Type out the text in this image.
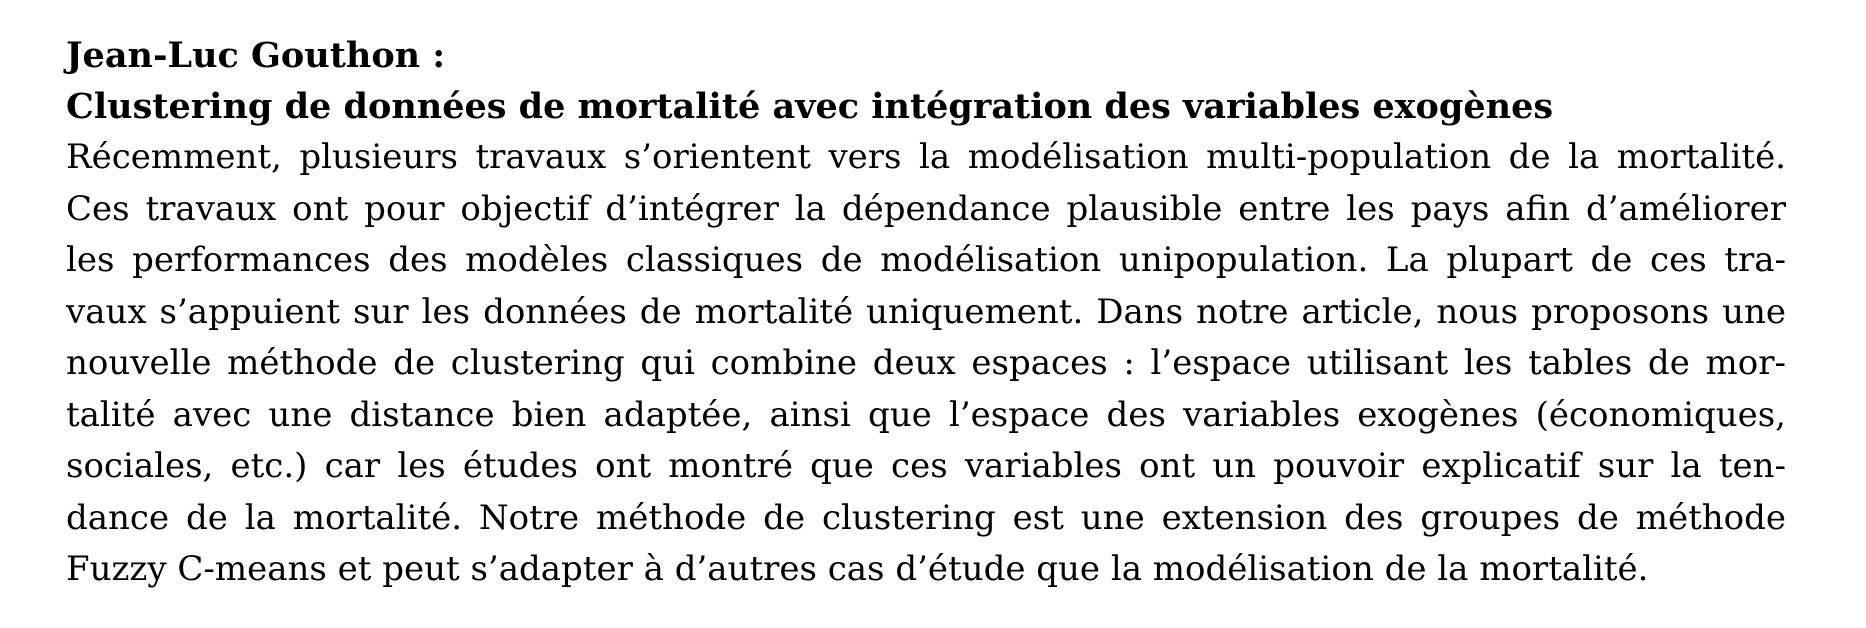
Jean-Luc Gouthon :
Clustering de données de mortalité avec intégration des variables exogènes
Récemment, plusieurs travaux s’orientent vers la modélisation multi-population de la mortalité.
Ces travaux ont pour objectif d’intégrer la dépendance plausible entre les pays afin d’améliorer
les performances des modèles classiques de modélisation unipopulation. La plupart de ces tra-
vaux s’appuient sur les données de mortalité uniquement. Dans notre article, nous proposons une
nouvelle méthode de clustering qui combine deux espaces : l’espace utilisant les tables de mor-
talité avec une distance bien adaptée, ainsi que l’espace des variables exogènes (économiques,
sociales, etc.) car les études ont montré que ces variables ont un pouvoir explicatif sur la ten-
dance de la mortalité. Notre méthode de clustering est une extension des groupes de méthode
Fuzzy C-means et peut s’adapter à d’autres cas d’étude que la modélisation de la mortalité.
